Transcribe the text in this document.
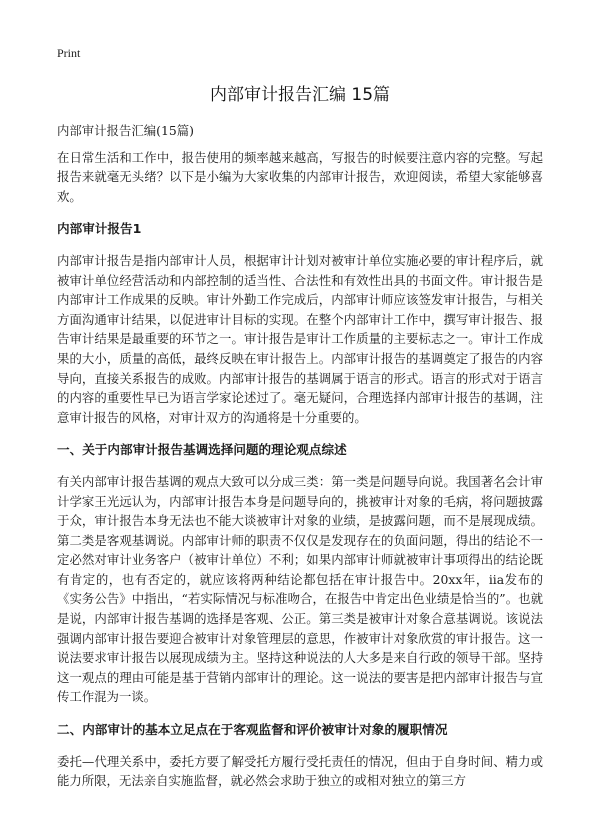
Print
内部审计报告汇编 15篇

内部审计报告汇编(15篇)

在日常生活和工作中，报告使用的频率越来越高，写报告的时候要注意内容的完整。写起报告来就毫无头绪？以下是小编为大家收集的内部审计报告，欢迎阅读，希望大家能够喜欢。

内部审计报告1

内部审计报告是指内部审计人员，根据审计计划对被审计单位实施必要的审计程序后，就被审计单位经营活动和内部控制的适当性、合法性和有效性出具的书面文件。审计报告是内部审计工作成果的反映。审计外勤工作完成后，内部审计师应该签发审计报告，与相关方面沟通审计结果，以促进审计目标的实现。在整个内部审计工作中，撰写审计报告、报告审计结果是最重要的环节之一。审计报告是审计工作质量的主要标志之一。审计工作成果的大小，质量的高低，最终反映在审计报告上。内部审计报告的基调奠定了报告的内容导向，直接关系报告的成败。内部审计报告的基调属于语言的形式。语言的形式对于语言的内容的重要性早已为语言学家论述过了。毫无疑问，合理选择内部审计报告的基调，注意审计报告的风格，对审计双方的沟通将是十分重要的。

一、关于内部审计报告基调选择问题的理论观点综述

有关内部审计报告基调的观点大致可以分成三类：第一类是问题导向说。我国著名会计审计学家王光远认为，内部审计报告本身是问题导向的，挑被审计对象的毛病，将问题披露于众，审计报告本身无法也不能大谈被审计对象的业绩，是披露问题，而不是展现成绩。第二类是客观基调说。内部审计师的职责不仅仅是发现存在的负面问题，得出的结论不一定必然对审计业务客户（被审计单位）不利；如果内部审计师就被审计事项得出的结论既有肯定的，也有否定的，就应该将两种结论都包括在审计报告中。20xx年，iia发布的《实务公告》中指出，“若实际情况与标准吻合，在报告中肯定出色业绩是恰当的”。也就是说，内部审计报告基调的选择是客观、公正。第三类是被审计对象合意基调说。该说法强调内部审计报告要迎合被审计对象管理层的意思，作被审计对象欣赏的审计报告。这一说法要求审计报告以展现成绩为主。坚持这种说法的人大多是来自行政的领导干部。坚持这一观点的理由可能是基于营销内部审计的理论。这一说法的要害是把内部审计报告与宣传工作混为一谈。

二、内部审计的基本立足点在于客观监督和评价被审计对象的履职情况

委托—代理关系中，委托方要了解受托方履行受托责任的情况，但由于自身时间、精力或能力所限，无法亲自实施监督，就必然会求助于独立的或相对独立的第三方
